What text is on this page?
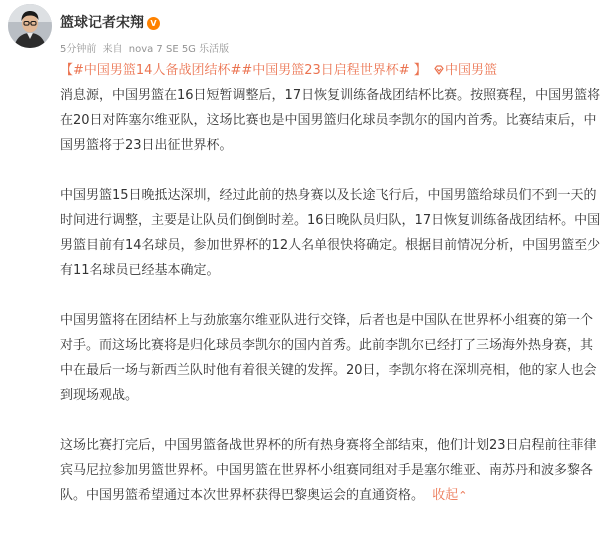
篮球记者宋翔 V
5分钟前 来自 nova 7 SE 5G 乐活版
【#中国男篮14人备战团结杯##中国男篮23日启程世界杯# 】 中国男篮

消息源，中国男篮在16日短暂调整后，17日恢复训练备战团结杯比赛。按照赛程，中国男篮将在20日对阵塞尔维亚队，这场比赛也是中国男篮归化球员李凯尔的国内首秀。比赛结束后，中国男篮将于23日出征世界杯。

中国男篮15日晚抵达深圳，经过此前的热身赛以及长途飞行后，中国男篮给球员们不到一天的时间进行调整，主要是让队员们倒倒时差。16日晚队员归队，17日恢复训练备战团结杯。中国男篮目前有14名球员，参加世界杯的12人名单很快将确定。根据目前情况分析，中国男篮至少有11名球员已经基本确定。

中国男篮将在团结杯上与劲旅塞尔维亚队进行交锋，后者也是中国队在世界杯小组赛的第一个对手。而这场比赛将是归化球员李凯尔的国内首秀。此前李凯尔已经打了三场海外热身赛，其中在最后一场与新西兰队时他有着很关键的发挥。20日，李凯尔将在深圳亮相，他的家人也会到现场观战。

这场比赛打完后，中国男篮备战世界杯的所有热身赛将全部结束，他们计划23日启程前往菲律宾马尼拉参加男篮世界杯。中国男篮在世界杯小组赛同组对手是塞尔维亚、南苏丹和波多黎各队。中国男篮希望通过本次世界杯获得巴黎奥运会的直通资格。 收起⌃
